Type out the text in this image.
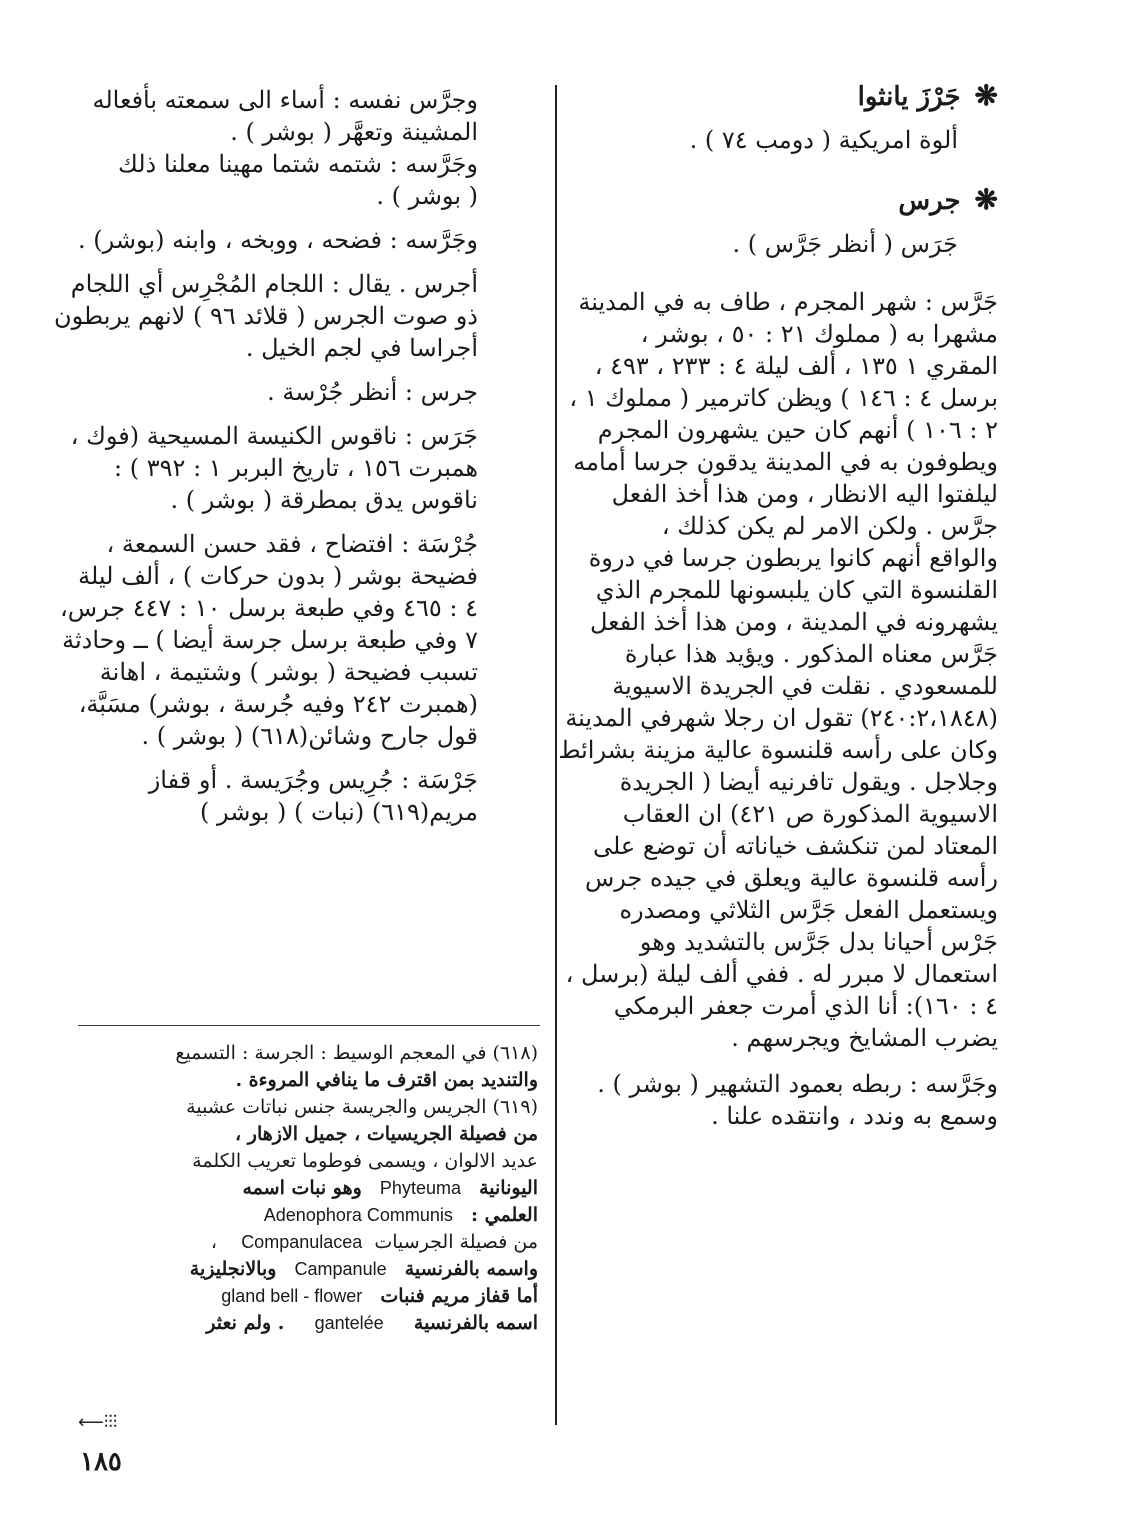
❋جَرْزَ يانثوا
ألوة امريكية ( دومب ٧٤ ) .
❋جرس
جَرَس ( أنظر جَرَّس ) .
جَرَّس : شهر المجرم ، طاف به في المدينة
مشهرا به ( مملوك ٢١ : ٥٠ ، بوشر ،
المقري ١ ١٣٥ ، ألف ليلة ٤ : ٢٣٣ ، ٤٩٣ ،
برسل ٤ : ١٤٦ ) ويظن كاترمير ( مملوك ١ ،
٢ : ١٠٦ ) أنهم كان حين يشهرون المجرم
ويطوفون به في المدينة يدقون جرسا أمامه
ليلفتوا اليه الانظار ، ومن هذا أخذ الفعل
جرَّس . ولكن الامر لم يكن كذلك ،
والواقع أنهم كانوا يربطون جرسا في دروة
القلنسوة التي كان يلبسونها للمجرم الذي
يشهرونه في المدينة ، ومن هذا أخذ الفعل
جَرَّس معناه المذكور . ويؤيد هذا عبارة
للمسعودي . نقلت في الجريدة الاسيوية
(٢٤٠:٢،١٨٤٨) تقول ان رجلا شهرفي المدينة
وكان على رأسه قلنسوة عالية مزينة بشرائط
وجلاجل . ويقول تافرنيه أيضا ( الجريدة
الاسيوية المذكورة ص ٤٢١) ان العقاب
المعتاد لمن تنكشف خياناته أن توضع على
رأسه قلنسوة عالية ويعلق في جيده جرس
ويستعمل الفعل جَرَّس الثلاثي ومصدره
جَرْس أحيانا بدل جَرَّس بالتشديد وهو
استعمال لا مبرر له . ففي ألف ليلة (برسل ،
٤ : ١٦٠): أنا الذي أمرت جعفر البرمكي
يضرب المشايخ ويجرسهم .
وجَرَّسه : ربطه بعمود التشهير ( بوشر ) .
وسمع به وندد ، وانتقده علنا .
وجرَّس نفسه : أساء الى سمعته بأفعاله
المشينة وتعهَّر ( بوشر ) .
وجَرَّسه : شتمه شتما مهينا معلنا ذلك
( بوشر ) .
وجَرَّسه : فضحه ، ووبخه ، وابنه (بوشر) .
أجرس . يقال : اللجام المُجْرِس أي اللجام
ذو صوت الجرس ( قلائد ٩٦ ) لانهم يربطون
أجراسا في لجم الخيل .
جرس : أنظر جُرْسة .
جَرَس : ناقوس الكنيسة المسيحية (فوك ،
همبرت ١٥٦ ، تاريخ البربر ١ : ٣٩٢ ) :
ناقوس يدق بمطرقة ( بوشر ) .
جُرْسَة : افتضاح ، فقد حسن السمعة ،
فضيحة بوشر ( بدون حركات ) ، ألف ليلة
٤ : ٤٦٥ وفي طبعة برسل ١٠ : ٤٤٧ جرس،
٧ وفي طبعة برسل جرسة أيضا ) ــ وحادثة
تسبب فضيحة ( بوشر ) وشتيمة ، اهانة
(همبرت ٢٤٢ وفيه جُرسة ، بوشر) مسَبَّة،
قول جارح وشائن(٦١٨) ( بوشر ) .
جَرْسَة : جُرِيس وجُرَيسة . أو قفاز
مريم(٦١٩) (نبات ) ( بوشر )
(٦١٨) في المعجم الوسيط : الجرسة : التسميع
والتنديد بمن اقترف ما ينافي المروءة .
(٦١٩) الجريس والجريسة جنس نباتات عشبية
من فصيلة الجريسيات ، جميل الازهار ،
عديد الالوان ، ويسمى فوطوما تعريب الكلمة
اليونانية   Phyteuma   وهو نبات اسمه
العلمي :   Adenophora Communis
من فصيلة الجرسيات  Companulacea    ،
واسمه بالفرنسية   Campanule   وبالانجليزية
أما قفاز مريم فنبات   gland bell - flower
اسمه بالفرنسية     gantelée     . ولم نعثر
⟵⫶⫶⫶
١٨٥
